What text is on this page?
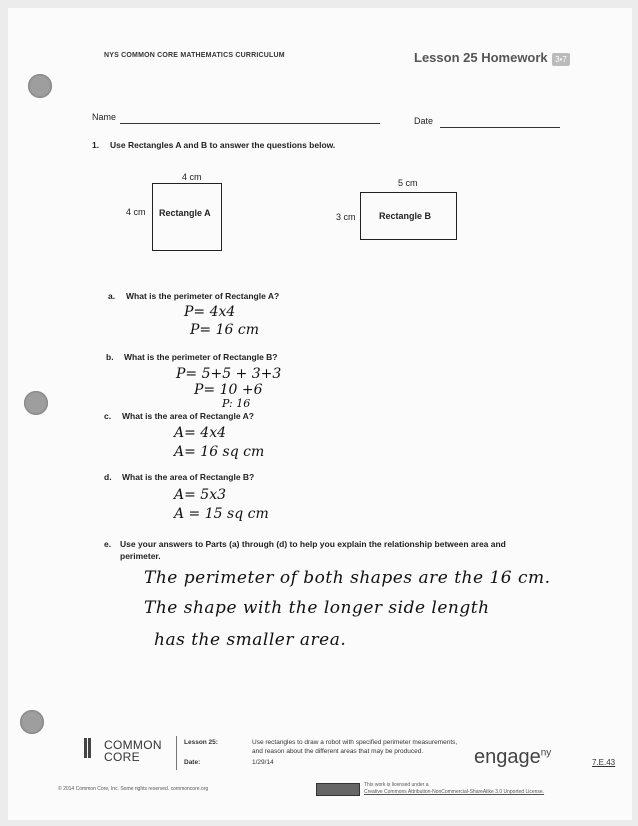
NYS COMMON CORE MATHEMATICS CURRICULUM	Lesson 25 Homework 3•7
Name	Date
1. Use Rectangles A and B to answer the questions below.
4 cm
4 cm Rectangle A
5 cm
3 cm	Rectangle B
a. What is the perimeter of Rectangle A?
P= 4x4
P= 16 cm
b. What is the perimeter of Rectangle B?
P= 5+5 + 3+3
P= 10 +6
P: 16
c. What is the area of Rectangle A?
A= 4x4
A= 16 sq cm
d. What is the area of Rectangle B?
A= 5x3
A = 15 sq cm
e. Use your answers to Parts (a) through (d) to help you explain the relationship between area and
perimeter.
The perimeter of both shapes are the 16 cm.
The shape with the longer side length
has the smaller area.
COMMON
CORE
Lesson 25:	Use rectangles to draw a robot with specified perimeter measurements,
and reason about the different areas that may be produced.
Date:	1/29/14	engage$^{ny}$
7.E.43
© 2014 Common Core, Inc. Some rights reserved. commoncore.org
This work is licensed under a
Creative Commons Attribution-NonCommercial-ShareAlike 3.0 Unported License.
